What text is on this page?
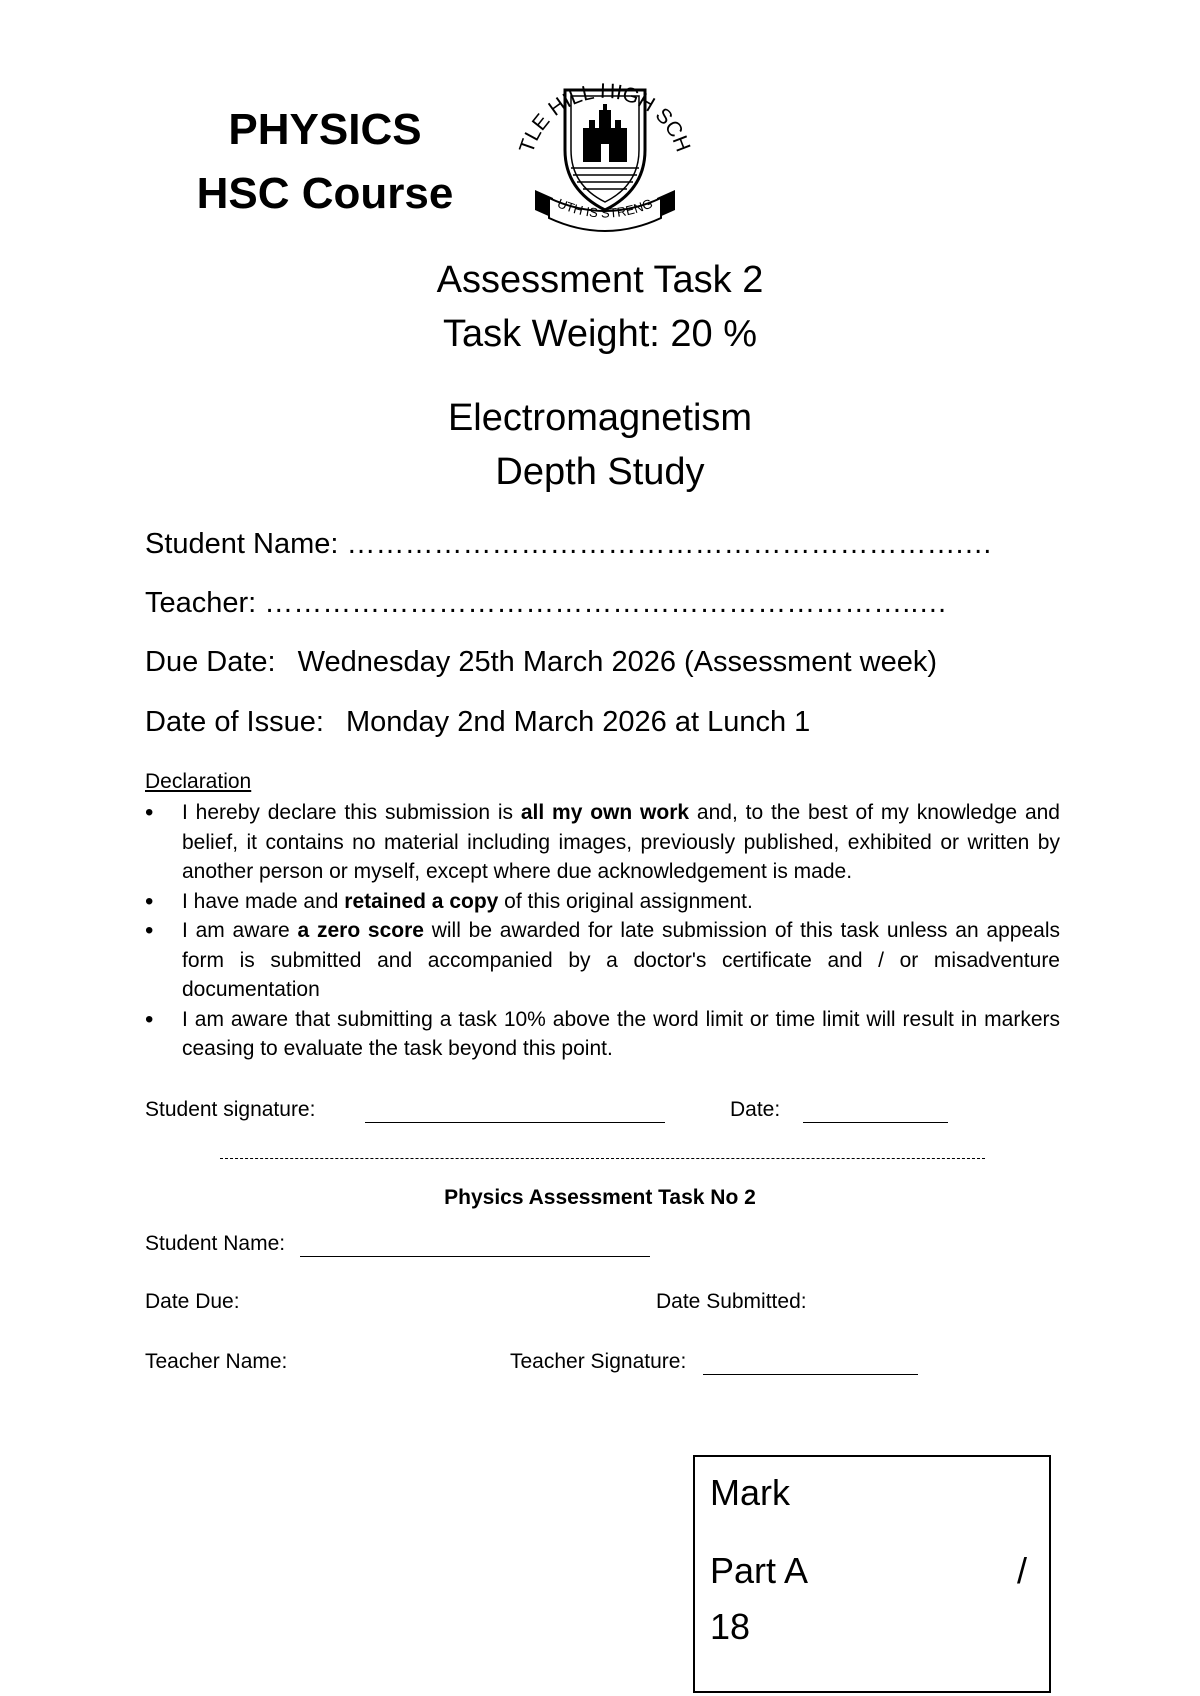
PHYSICS
HSC Course
TLE HILL HIGH SCH
UTH IS STRENG
Assessment Task 2
Task Weight: 20 %
Electromagnetism
Depth Study
Student Name: ……………………………………………………….…
Teacher: …………………………………………………………..…
Due Date: Wednesday 25th March 2026 (Assessment week)
Date of Issue: Monday 2nd March 2026 at Lunch 1
Declaration
• I hereby declare this submission is all my own work and, to the best of my knowledge and belief, it contains no material including images, previously published, exhibited or written by another person or myself, except where due acknowledgement is made.
• I have made and retained a copy of this original assignment.
• I am aware a zero score will be awarded for late submission of this task unless an appeals form is submitted and accompanied by a doctor's certificate and / or misadventure documentation
• I am aware that submitting a task 10% above the word limit or time limit will result in markers ceasing to evaluate the task beyond this point.
Student signature:	Date:
Physics Assessment Task No 2
Student Name:
Date Due:	Date Submitted:
Teacher Name:	Teacher Signature:
Mark
Part A	/
18
